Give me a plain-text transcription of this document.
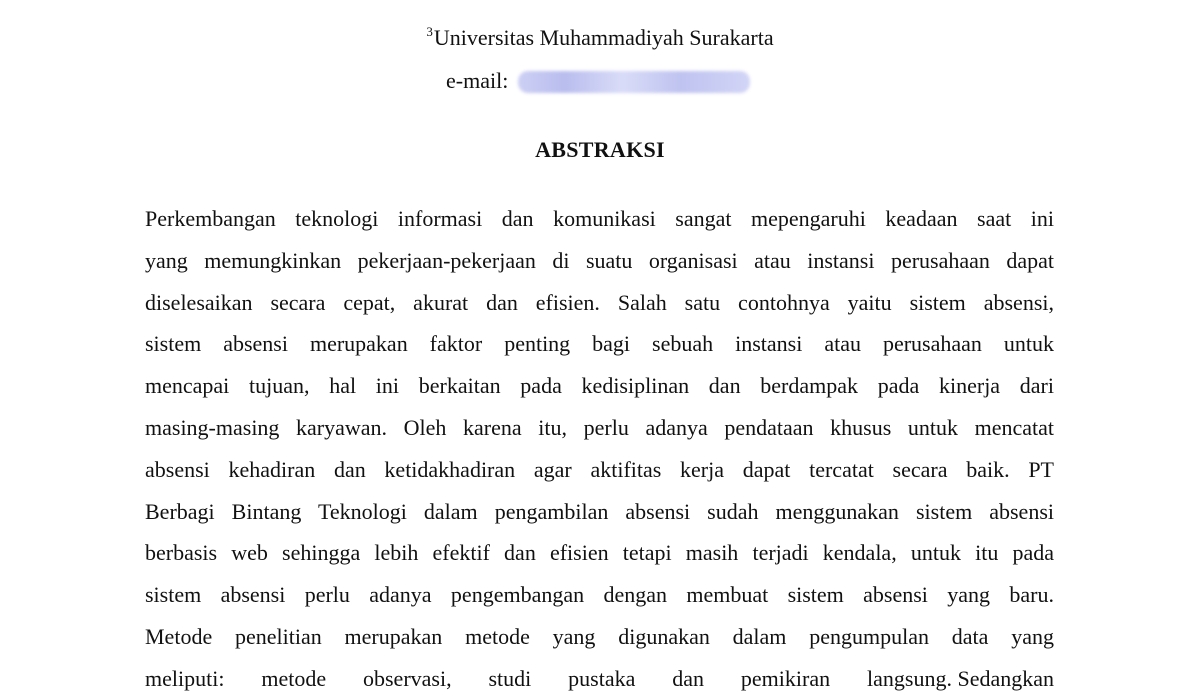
$^3$Universitas Muhammadiyah Surakarta
e-mail:
ABSTRAKSI
Perkembangan teknologi informasi dan komunikasi sangat mepengaruhi keadaan saat ini
yang memungkinkan pekerjaan-pekerjaan di suatu organisasi atau instansi perusahaan dapat
diselesaikan secara cepat, akurat dan efisien. Salah satu contohnya yaitu sistem absensi,
sistem absensi merupakan faktor penting bagi sebuah instansi atau perusahaan untuk
mencapai tujuan, hal ini berkaitan pada kedisiplinan dan berdampak pada kinerja dari
masing-masing karyawan. Oleh karena itu, perlu adanya pendataan khusus untuk mencatat
absensi kehadiran dan ketidakhadiran agar aktifitas kerja dapat tercatat secara baik. PT
Berbagi Bintang Teknologi dalam pengambilan absensi sudah menggunakan sistem absensi
berbasis web sehingga lebih efektif dan efisien tetapi masih terjadi kendala, untuk itu pada
sistem absensi perlu adanya pengembangan dengan membuat sistem absensi yang baru.
Metode penelitian merupakan metode yang digunakan dalam pengumpulan data yang
meliputi: metode observasi, studi pustaka dan pemikiran langsung. Sedangkan
